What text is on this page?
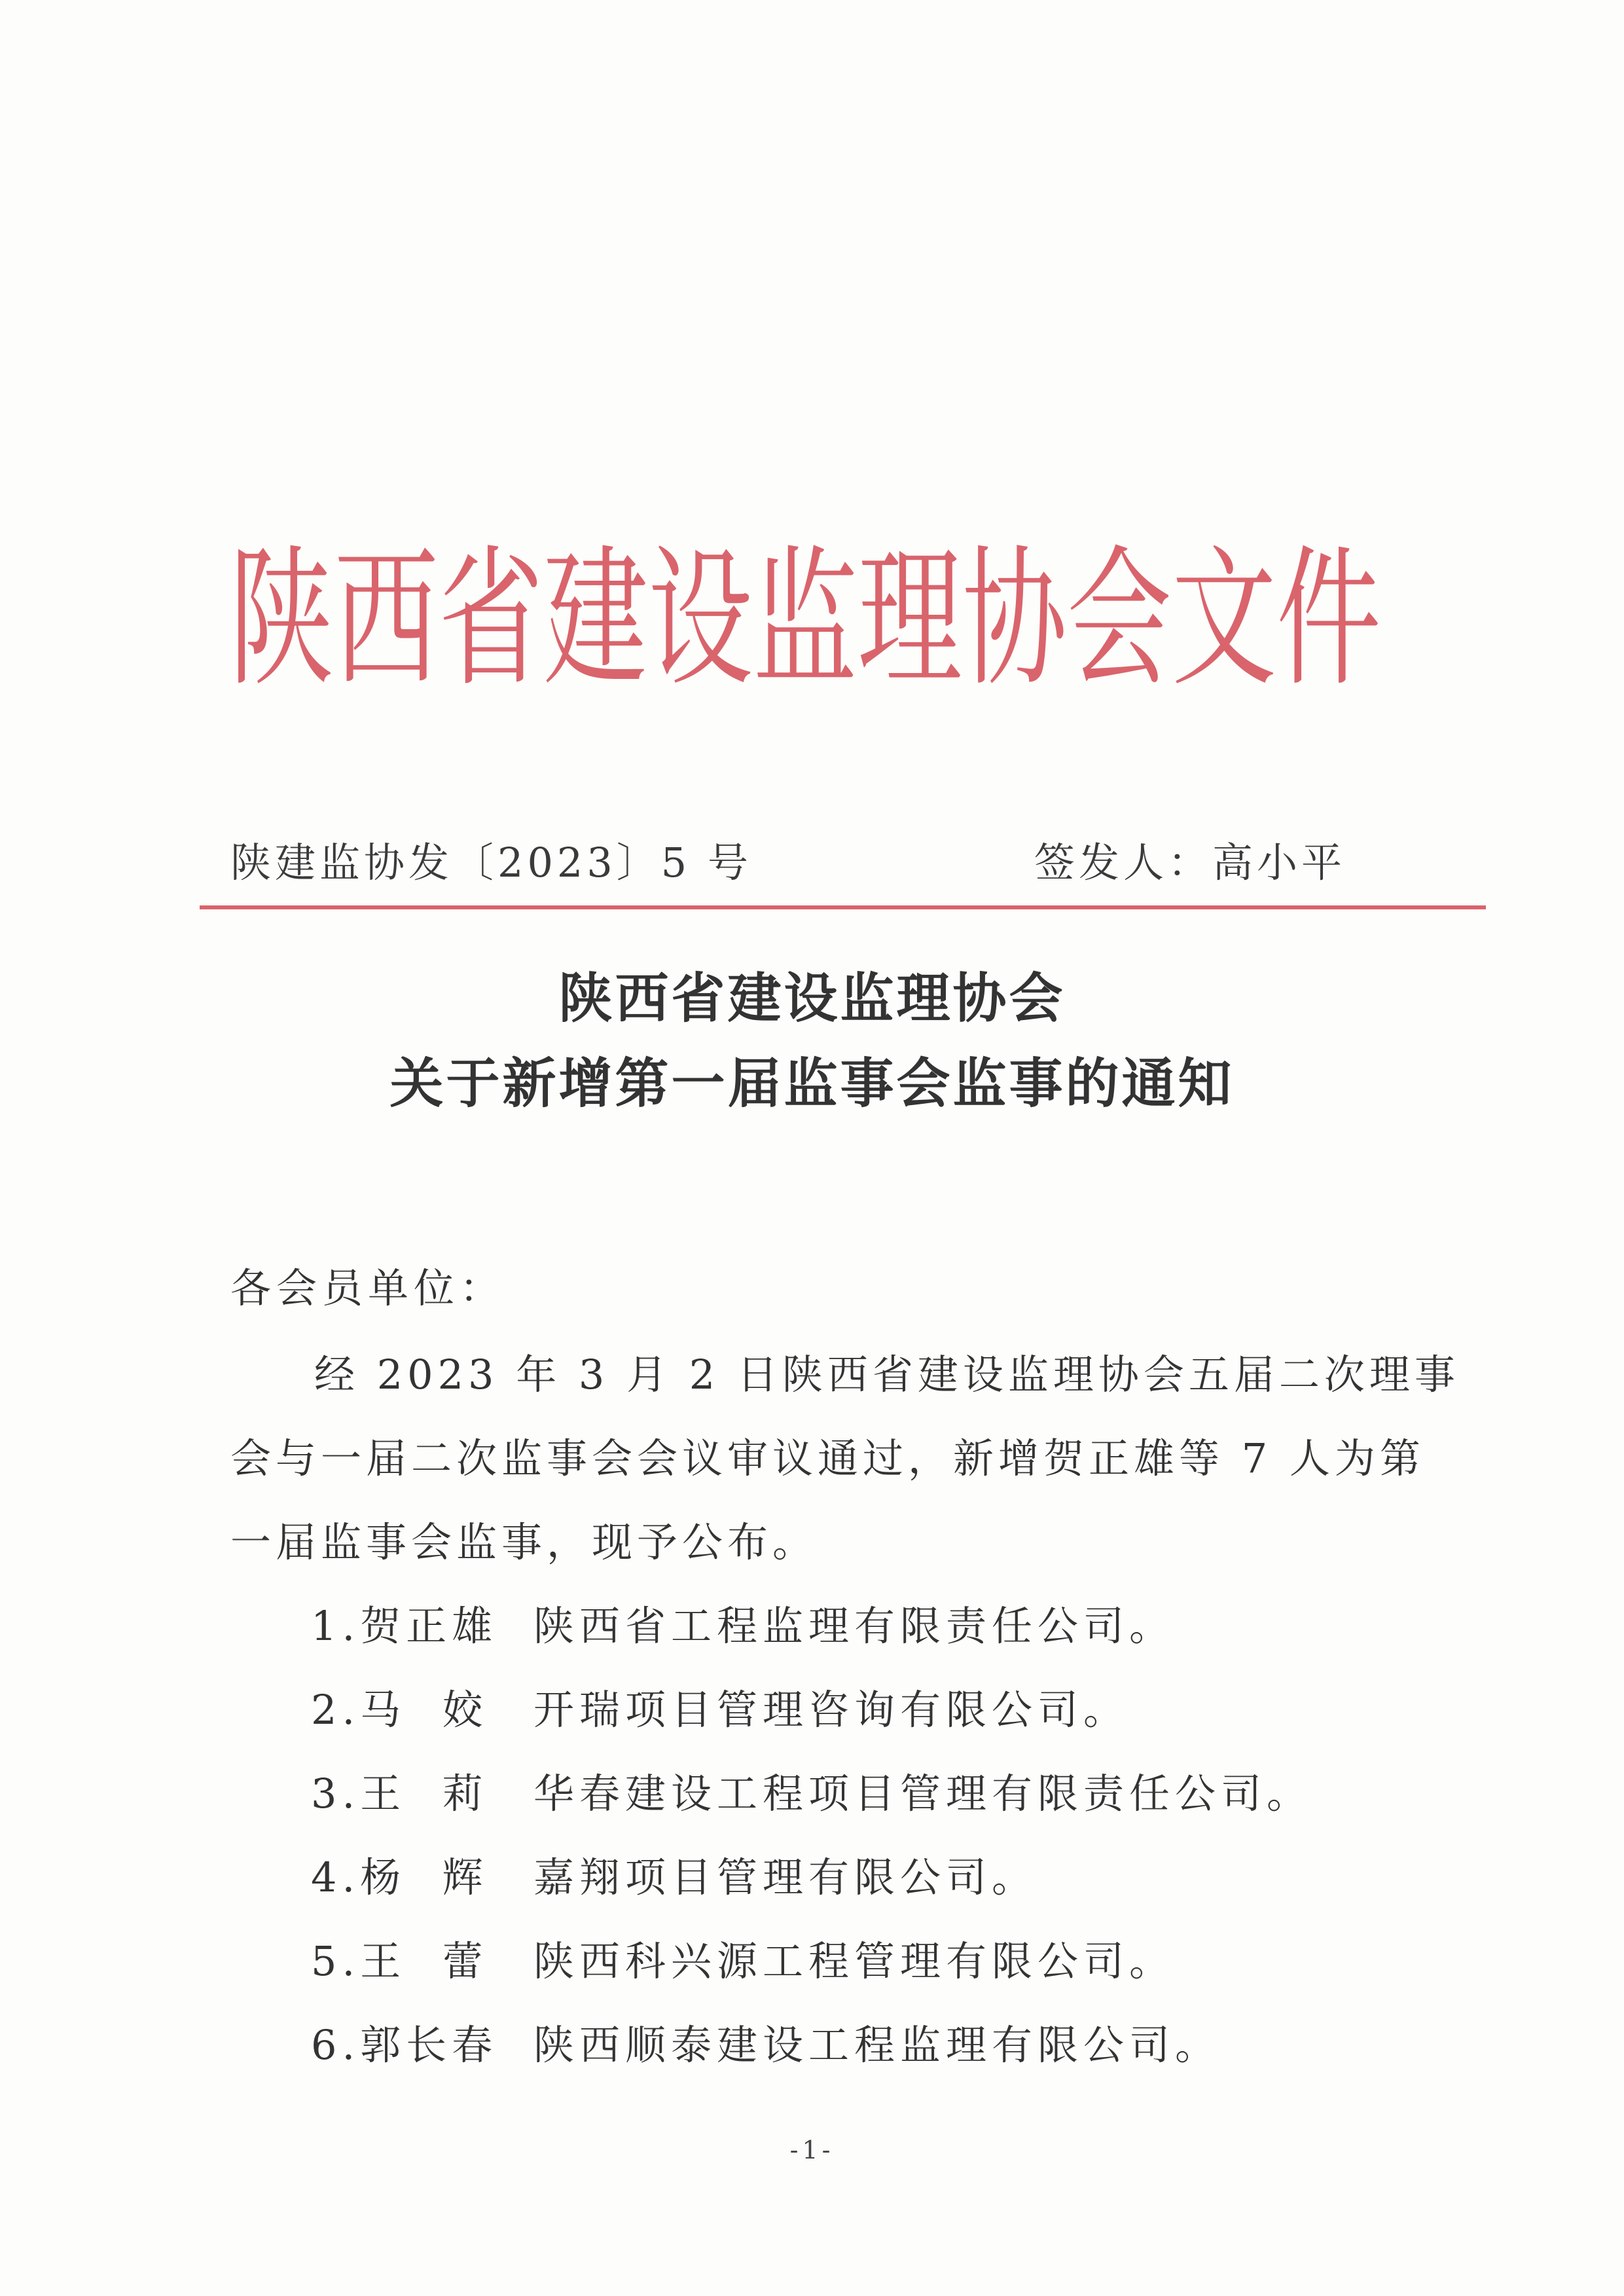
陕西省建设监理协会文件
陕建监协发〔2023〕5 号	签发人：高小平
陕西省建设监理协会
关于新增第一届监事会监事的通知
各会员单位：
经 2023 年 3 月 2 日陕西省建设监理协会五届二次理事
会与一届二次监事会会议审议通过，新增贺正雄等 7 人为第
一届监事会监事，现予公布。
1.贺正雄 陕西省工程监理有限责任公司。
2.马  姣 开瑞项目管理咨询有限公司。
3.王  莉 华春建设工程项目管理有限责任公司。
4.杨  辉 嘉翔项目管理有限公司。
5.王  蕾 陕西科兴源工程管理有限公司。
6.郭长春 陕西顺泰建设工程监理有限公司。
-1-
